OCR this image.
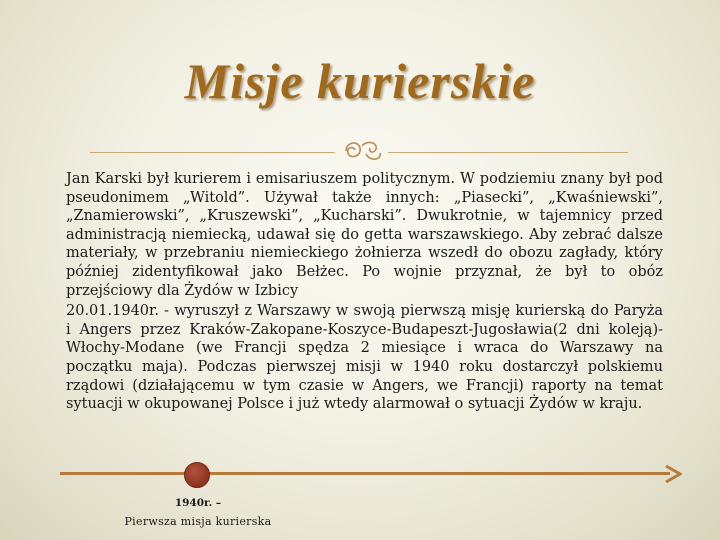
Misje kurierskie

Jan Karski był kurierem i emisariuszem politycznym. W podziemiu znany był pod pseudonimem „Witold”. Używał także innych: „Piasecki”, „Kwaśniewski”, „Znamierowski”, „Kruszewski”, „Kucharski”. Dwukrotnie, w tajemnicy przed administracją niemiecką, udawał się do getta warszawskiego. Aby zebrać dalsze materiały, w przebraniu niemieckiego żołnierza wszedł do obozu zagłady, który później zidentyfikował jako Bełżec. Po wojnie przyznał, że był to obóz przejściowy dla Żydów w Izbicy

20.01.1940r. - wyruszył z Warszawy w swoją pierwszą misję kurierską do Paryża i Angers przez Kraków-Zakopane-Koszyce-Budapeszt-Jugosławia(2 dni koleją)-Włochy-Modane (we Francji spędza 2 miesiące i wraca do Warszawy na początku maja). Podczas pierwszej misji w 1940 roku dostarczył polskiemu rządowi (działającemu w tym czasie w Angers, we Francji) raporty na temat sytuacji w okupowanej Polsce i już wtedy alarmował o sytuacji Żydów w kraju.

1940r. –
Pierwsza misja kurierska
